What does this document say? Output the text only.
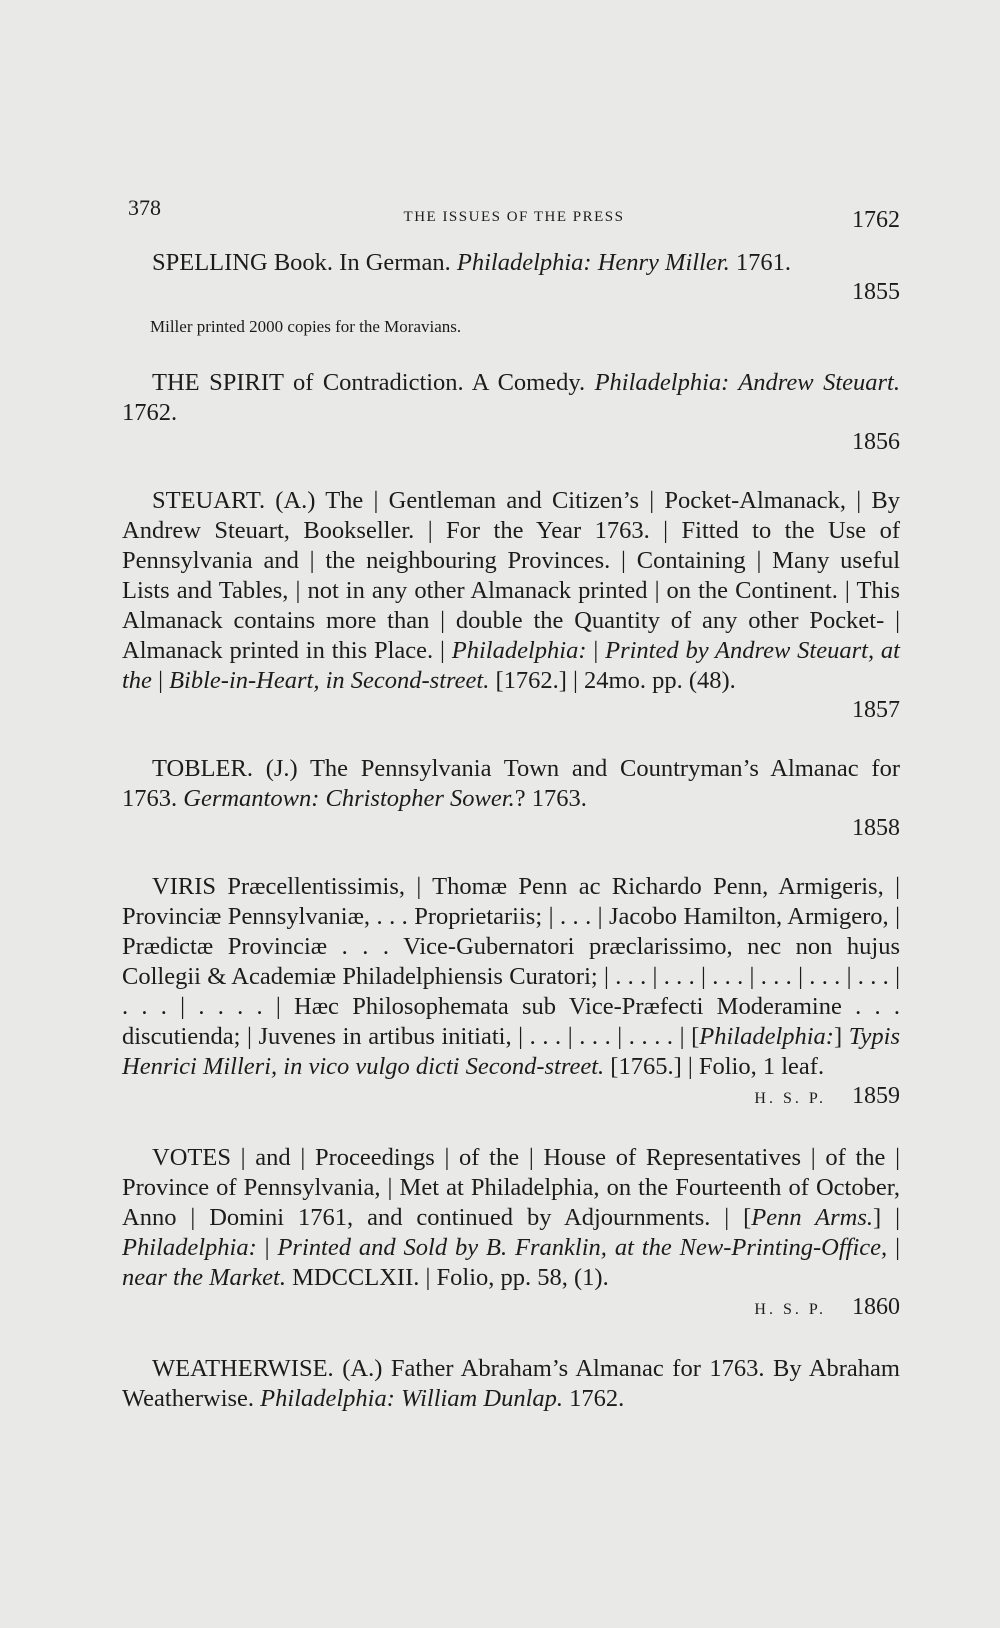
378	THE ISSUES OF THE PRESS	1762
SPELLING Book. In German. Philadelphia: Henry Miller. 1761.
1855
Miller printed 2000 copies for the Moravians.
THE SPIRIT of Contradiction. A Comedy. Philadelphia: Andrew Steuart. 1762.
1856
STEUART. (A.) The | Gentleman and Citizen’s | Pocket-Almanack, | By Andrew Steuart, Bookseller. | For the Year 1763. | Fitted to the Use of Pennsylvania and | the neighbouring Provinces. | Containing | Many useful Lists and Tables, | not in any other Almanack printed | on the Continent. | This Almanack contains more than | double the Quantity of any other Pocket- | Almanack printed in this Place. | Philadelphia: | Printed by Andrew Steuart, at the | Bible-in-Heart, in Second-street. [1762.] | 24mo. pp. (48).
1857
TOBLER. (J.) The Pennsylvania Town and Countryman’s Almanac for 1763. Germantown: Christopher Sower.? 1763.
1858
VIRIS Præcellentissimis, | Thomæ Penn ac Richardo Penn, Armigeris, | Provinciæ Pennsylvaniæ, . . . Proprietariis; | . . . | Jacobo Hamilton, Armigero, | Prædictæ Provinciæ . . . Vice-Gubernatori præclarissimo, nec non hujus Collegii & Academiæ Philadelphiensis Curatori; | . . . | . . . | . . . | . . . | . . . | . . . | . . . | . . . . | Hæc Philosophemata sub Vice-Præfecti Moderamine . . . discutienda; | Juvenes in artibus initiati, | . . . | . . . | . . . . | [Philadelphia:] Typis Henrici Milleri, in vico vulgo dicti Second-street. [1765.] | Folio, 1 leaf.
H. S. P. 1859
VOTES | and | Proceedings | of the | House of Representatives | of the | Province of Pennsylvania, | Met at Philadelphia, on the Fourteenth of October, Anno | Domini 1761, and continued by Adjournments. | [Penn Arms.] | Philadelphia: | Printed and Sold by B. Franklin, at the New-Printing-Office, | near the Market. MDCCLXII. | Folio, pp. 58, (1).
H. S. P. 1860
WEATHERWISE. (A.) Father Abraham’s Almanac for 1763. By Abraham Weatherwise. Philadelphia: William Dunlap. 1762.
